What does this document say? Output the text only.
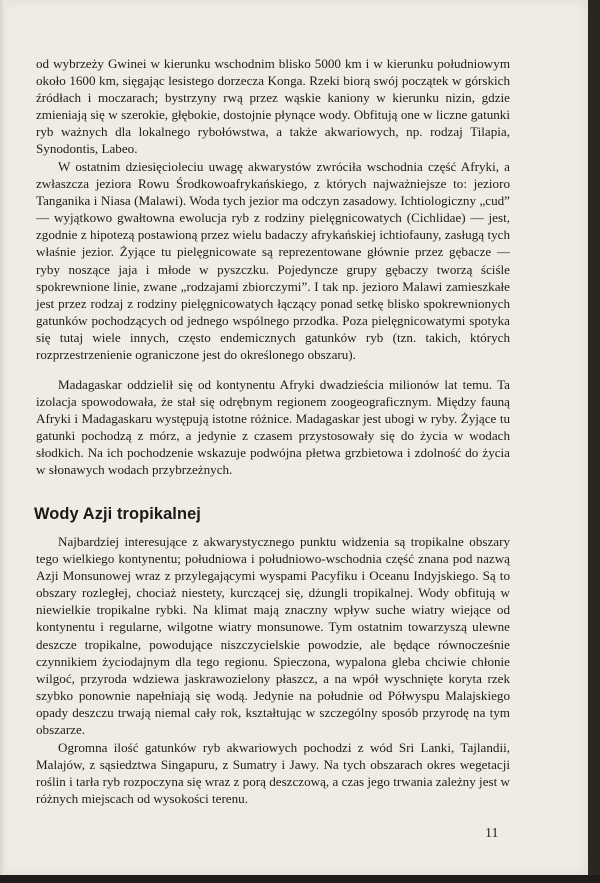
od wybrzeży Gwinei w kierunku wschodnim blisko 5000 km i w kierunku południowym około 1600 km, sięgając lesistego dorzecza Konga. Rzeki biorą swój początek w górskich źródłach i moczarach; bystrzyny rwą przez wąskie kaniony w kierunku nizin, gdzie zmieniają się w szerokie, głębokie, dostojnie płynące wody. Obfitują one w liczne gatunki ryb ważnych dla lokalnego rybołówstwa, a także akwariowych, np. rodzaj Tilapia, Synodontis, Labeo.

W ostatnim dziesięcioleciu uwagę akwarystów zwróciła wschodnia część Afryki, a zwłaszcza jeziora Rowu Środkowoafrykańskiego, z których najważniejsze to: jezioro Tanganika i Niasa (Malawi). Woda tych jezior ma odczyn zasadowy. Ichtiologiczny „cud” — wyjątkowo gwałtowna ewolucja ryb z rodziny pielęgnicowatych (Cichlidae) — jest, zgodnie z hipotezą postawioną przez wielu badaczy afrykańskiej ichtiofauny, zasługą tych właśnie jezior. Żyjące tu pielęgnicowate są reprezentowane głównie przez gębacze — ryby noszące jaja i młode w pyszczku. Pojedyncze grupy gębaczy tworzą ściśle spokrewnione linie, zwane „rodzajami zbiorczymi”. I tak np. jezioro Malawi zamieszkałe jest przez rodzaj z rodziny pielęgnicowatych łączący ponad setkę blisko spokrewnionych gatunków pochodzących od jednego wspólnego przodka. Poza pielęgnicowatymi spotyka się tutaj wiele innych, często endemicznych gatunków ryb (tzn. takich, których rozprzestrzenienie ograniczone jest do określonego obszaru).

Madagaskar oddzielił się od kontynentu Afryki dwadzieścia milionów lat temu. Ta izolacja spowodowała, że stał się odrębnym regionem zoogeograficznym. Między fauną Afryki i Madagaskaru występują istotne różnice. Madagaskar jest ubogi w ryby. Żyjące tu gatunki pochodzą z mórz, a jedynie z czasem przystosowały się do życia w wodach słodkich. Na ich pochodzenie wskazuje podwójna płetwa grzbietowa i zdolność do życia w słonawych wodach przybrzeżnych.

Wody Azji tropikalnej

Najbardziej interesujące z akwarystycznego punktu widzenia są tropikalne obszary tego wielkiego kontynentu; południowa i południowo-wschodnia część znana pod nazwą Azji Monsunowej wraz z przylegającymi wyspami Pacyfiku i Oceanu Indyjskiego. Są to obszary rozległej, chociaż niestety, kurczącej się, dżungli tropikalnej. Wody obfitują w niewielkie tropikalne rybki. Na klimat mają znaczny wpływ suche wiatry wiejące od kontynentu i regularne, wilgotne wiatry monsunowe. Tym ostatnim towarzyszą ulewne deszcze tropikalne, powodujące niszczycielskie powodzie, ale będące równocześnie czynnikiem życiodajnym dla tego regionu. Spieczona, wypalona gleba chciwie chłonie wilgoć, przyroda wdziewa jaskrawozielony płaszcz, a na wpół wyschnięte koryta rzek szybko ponownie napełniają się wodą. Jedynie na południe od Półwyspu Malajskiego opady deszczu trwają niemal cały rok, kształtując w szczególny sposób przyrodę na tym obszarze.

Ogromna ilość gatunków ryb akwariowych pochodzi z wód Sri Lanki, Tajlandii, Malajów, z sąsiedztwa Singapuru, z Sumatry i Jawy. Na tych obszarach okres wegetacji roślin i tarła ryb rozpoczyna się wraz z porą deszczową, a czas jego trwania zależny jest w różnych miejscach od wysokości terenu.

11
